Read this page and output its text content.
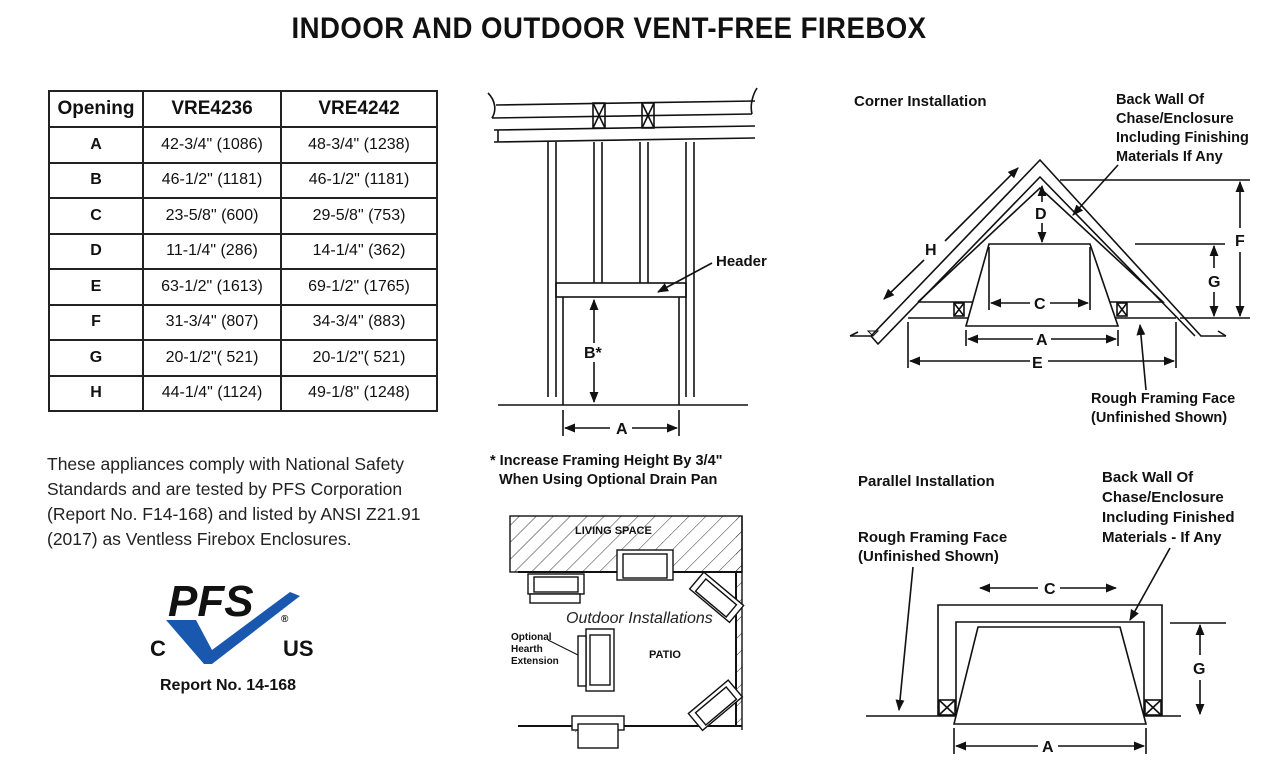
INDOOR AND OUTDOOR VENT-FREE FIREBOX
Opening	VRE4236	VRE4242
A	42-3/4" (1086)	48-3/4" (1238)
B	46-1/2" (1181)	46-1/2" (1181)
C	23-5/8" (600)	29-5/8" (753)
D	11-1/4" (286)	14-1/4" (362)
E	63-1/2" (1613)	69-1/2" (1765)
F	31-3/4" (807)	34-3/4" (883)
G	20-1/2"( 521)	20-1/2"( 521)
H	44-1/4" (1124)	49-1/8" (1248)
These appliances comply with National Safety Standards and are tested by PFS Corporation (Report No. F14-168) and listed by ANSI Z21.91 (2017) as Ventless Firebox Enclosures.
Report No. 14-168
PFS	®
C	US
Header
B*
A
* Increase Framing Height By 3/4"
When Using Optional Drain Pan
LIVING SPACE
Outdoor Installations
Optional
Hearth
Extension
PATIO
Corner Installation	Back Wall Of
Chase/Enclosure
Including Finishing
Materials If Any
D
H
F
G
C
A
E
Rough Framing Face
(Unfinished Shown)
Parallel Installation	Back Wall Of
Chase/Enclosure
Including Finished
Materials - If Any
Rough Framing Face
(Unfinished Shown)
C
G
A
